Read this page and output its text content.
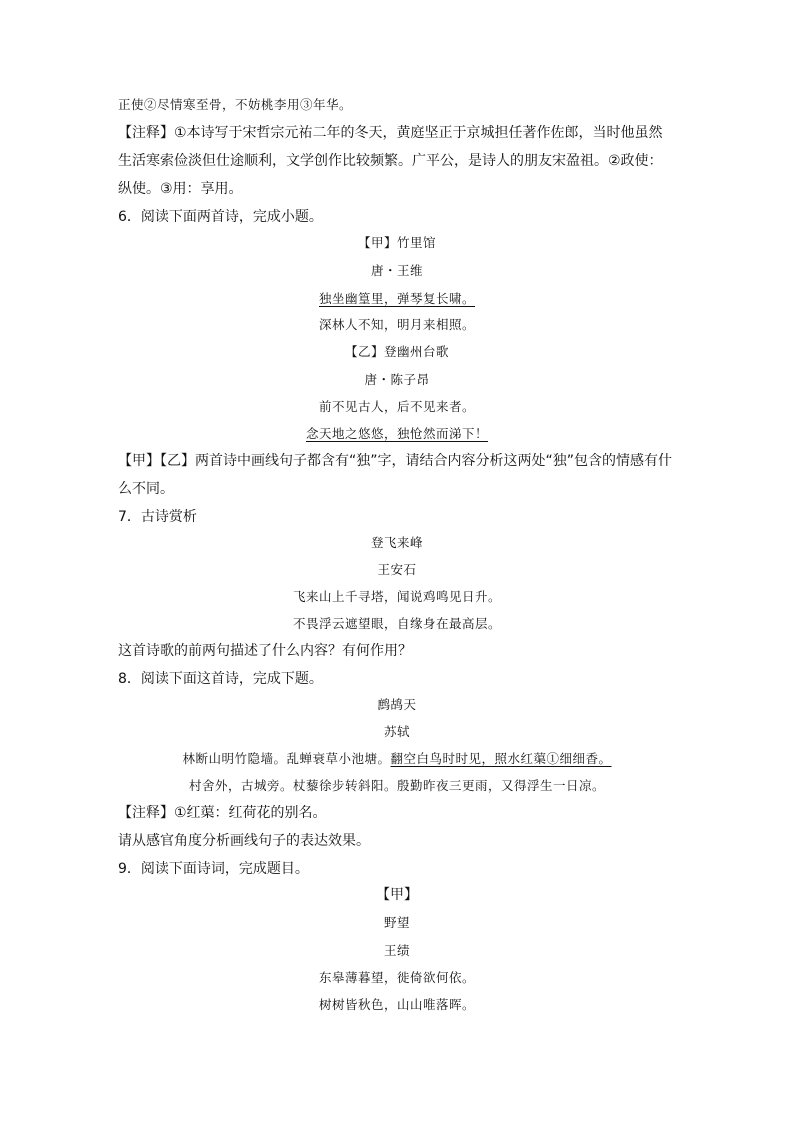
正使②尽情寒至骨，不妨桃李用③年华。
【注释】①本诗写于宋哲宗元祐二年的冬天，黄庭坚正于京城担任著作佐郎，当时他虽然
生活寒索俭淡但仕途顺利，文学创作比较频繁。广平公，是诗人的朋友宋盈祖。②政使：
纵使。③用：享用。
6．阅读下面两首诗，完成小题。
【甲】竹里馆
唐・王维
独坐幽篁里，弹琴复长啸。
深林人不知，明月来相照。
【乙】登幽州台歌
唐・陈子昂
前不见古人，后不见来者。
念天地之悠悠，独怆然而涕下！
【甲】【乙】两首诗中画线句子都含有“独”字，请结合内容分析这两处“独”包含的情感有什
么不同。
7．古诗赏析
登飞来峰
王安石
飞来山上千寻塔，闻说鸡鸣见日升。
不畏浮云遮望眼，自缘身在最高层。
这首诗歌的前两句描述了什么内容？有何作用？
8．阅读下面这首诗，完成下题。
鹧鸪天
苏轼
林断山明竹隐墙。乱蝉衰草小池塘。翻空白鸟时时见，照水红蕖①细细香。
村舍外，古城旁。杖藜徐步转斜阳。殷勤昨夜三更雨，又得浮生一日凉。
【注释】①红蕖：红荷花的别名。
请从感官角度分析画线句子的表达效果。
9．阅读下面诗词，完成题目。
【甲】
野望
王绩
东皋薄暮望，徙倚欲何依。
树树皆秋色，山山唯落晖。
